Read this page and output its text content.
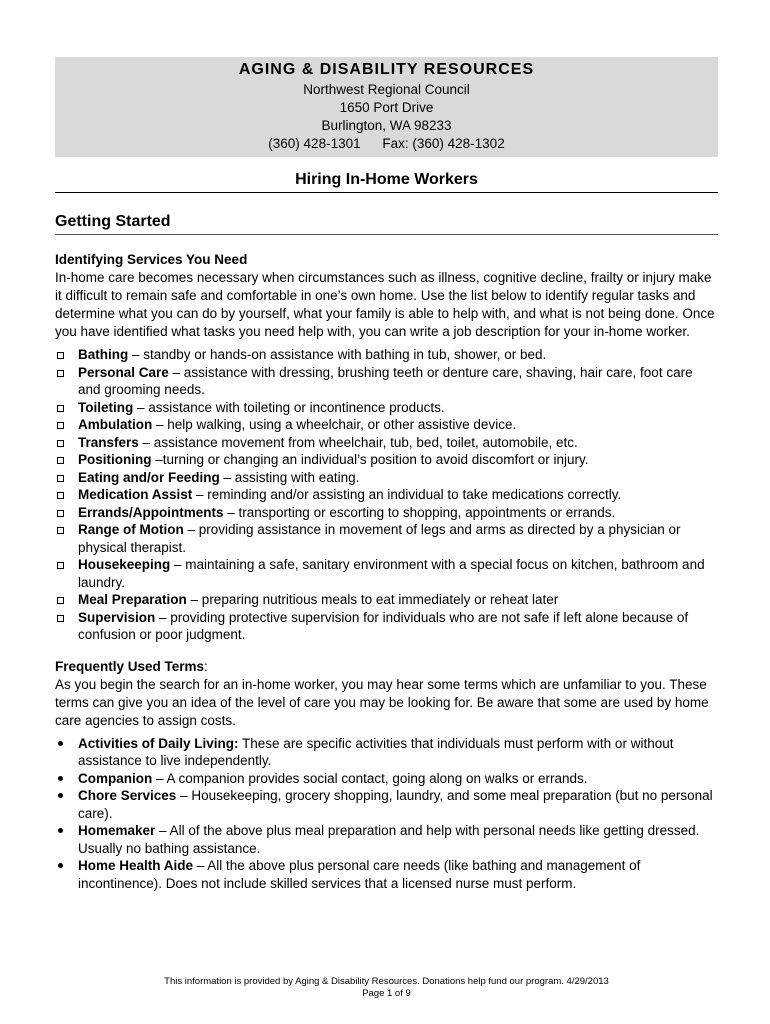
AGING & DISABILITY RESOURCES
Northwest Regional Council
1650 Port Drive
Burlington, WA 98233
(360) 428-1301 Fax: (360) 428-1302
Hiring In-Home Workers
Getting Started
Identifying Services You Need

In-home care becomes necessary when circumstances such as illness, cognitive decline, frailty or injury make it difficult to remain safe and comfortable in one’s own home. Use the list below to identify regular tasks and determine what you can do by yourself, what your family is able to help with, and what is not being done. Once you have identified what tasks you need help with, you can write a job description for your in-home worker.

Bathing – standby or hands-on assistance with bathing in tub, shower, or bed.
Personal Care – assistance with dressing, brushing teeth or denture care, shaving, hair care, foot care and grooming needs.
Toileting – assistance with toileting or incontinence products.
Ambulation – help walking, using a wheelchair, or other assistive device.
Transfers – assistance movement from wheelchair, tub, bed, toilet, automobile, etc.
Positioning –turning or changing an individual’s position to avoid discomfort or injury.
Eating and/or Feeding – assisting with eating.
Medication Assist – reminding and/or assisting an individual to take medications correctly.
Errands/Appointments – transporting or escorting to shopping, appointments or errands.
Range of Motion – providing assistance in movement of legs and arms as directed by a physician or physical therapist.
Housekeeping – maintaining a safe, sanitary environment with a special focus on kitchen, bathroom and laundry.
Meal Preparation – preparing nutritious meals to eat immediately or reheat later
Supervision – providing protective supervision for individuals who are not safe if left alone because of confusion or poor judgment.
Frequently Used Terms:

As you begin the search for an in-home worker, you may hear some terms which are unfamiliar to you. These terms can give you an idea of the level of care you may be looking for. Be aware that some are used by home care agencies to assign costs.

Activities of Daily Living: These are specific activities that individuals must perform with or without assistance to live independently.
Companion – A companion provides social contact, going along on walks or errands.
Chore Services – Housekeeping, grocery shopping, laundry, and some meal preparation (but no personal care).
Homemaker – All of the above plus meal preparation and help with personal needs like getting dressed. Usually no bathing assistance.
Home Health Aide – All the above plus personal care needs (like bathing and management of incontinence). Does not include skilled services that a licensed nurse must perform.
This information is provided by Aging & Disability Resources. Donations help fund our program. 4/29/2013
Page 1 of 9
